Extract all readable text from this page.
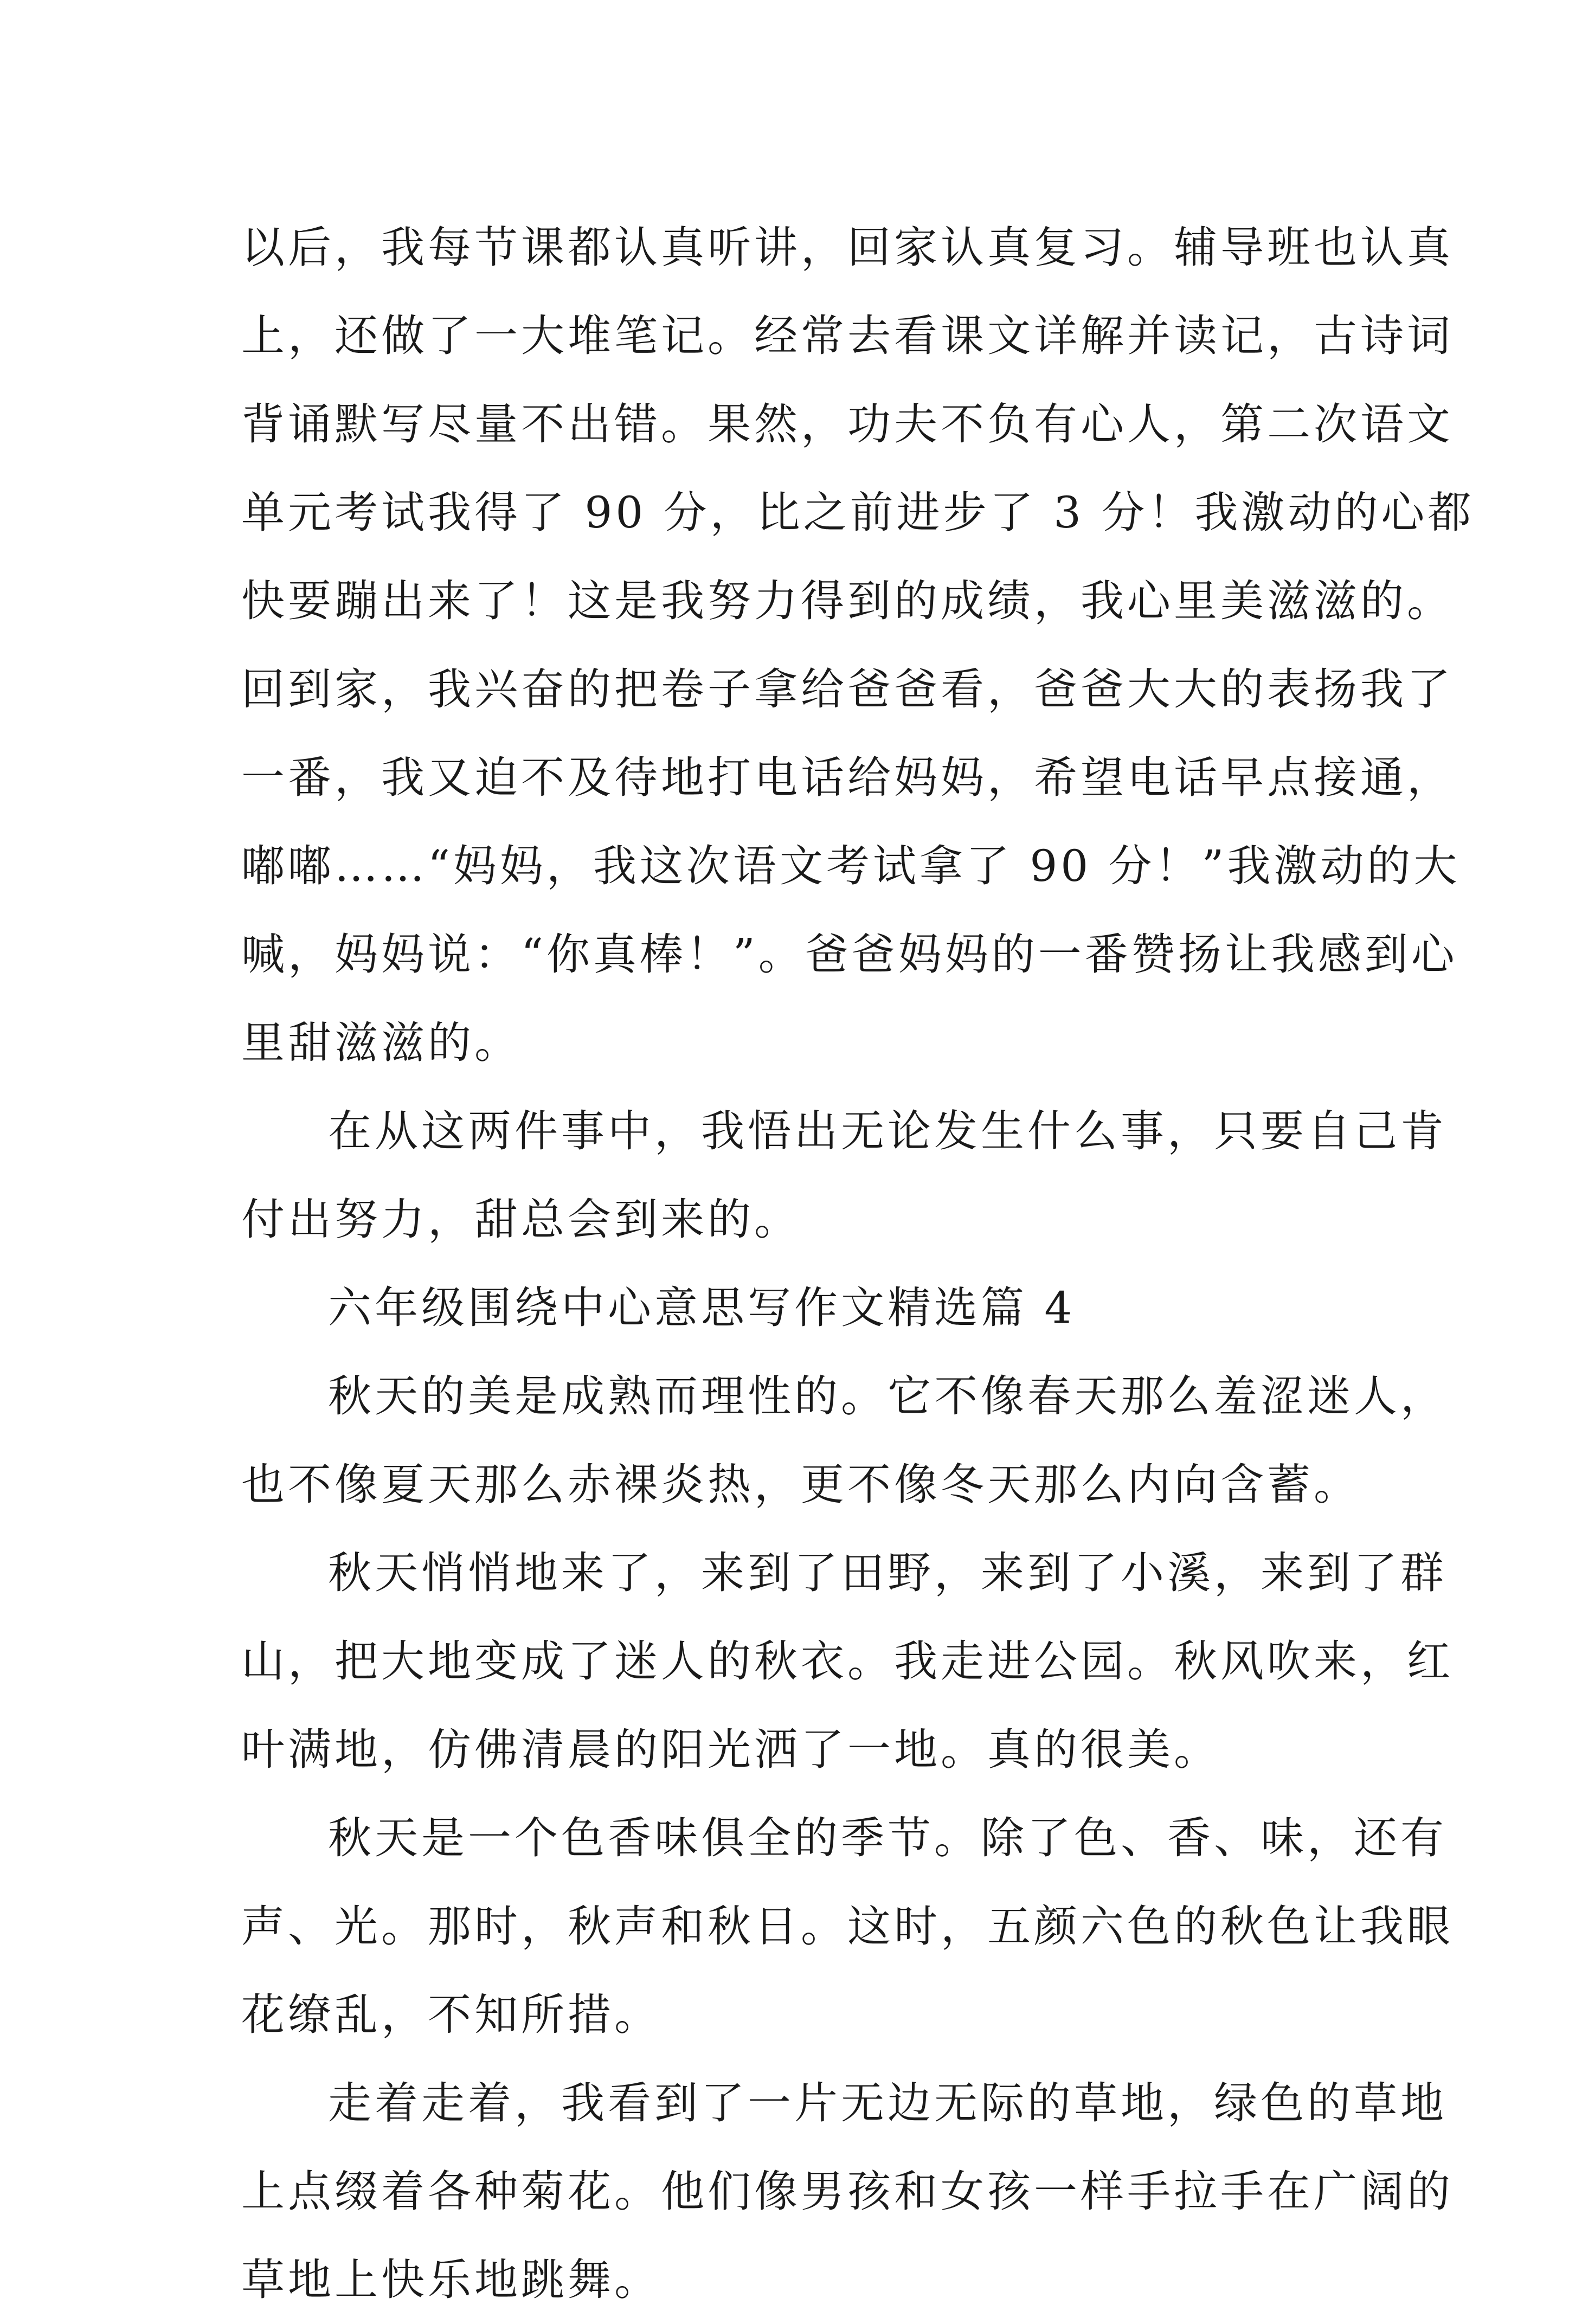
以后，我每节课都认真听讲，回家认真复习。辅导班也认真
上，还做了一大堆笔记。经常去看课文详解并读记，古诗词
背诵默写尽量不出错。果然，功夫不负有心人，第二次语文
单元考试我得了 90 分，比之前进步了 3 分！我激动的心都
快要蹦出来了！这是我努力得到的成绩，我心里美滋滋的。
回到家，我兴奋的把卷子拿给爸爸看，爸爸大大的表扬我了
一番，我又迫不及待地打电话给妈妈，希望电话早点接通，
嘟嘟……“妈妈，我这次语文考试拿了 90 分！”我激动的大
喊，妈妈说：“你真棒！”。爸爸妈妈的一番赞扬让我感到心
里甜滋滋的。
在从这两件事中，我悟出无论发生什么事，只要自己肯
付出努力，甜总会到来的。
六年级围绕中心意思写作文精选篇 4
秋天的美是成熟而理性的。它不像春天那么羞涩迷人，
也不像夏天那么赤裸炎热，更不像冬天那么内向含蓄。
秋天悄悄地来了，来到了田野，来到了小溪，来到了群
山，把大地变成了迷人的秋衣。我走进公园。秋风吹来，红
叶满地，仿佛清晨的阳光洒了一地。真的很美。
秋天是一个色香味俱全的季节。除了色、香、味，还有
声、光。那时，秋声和秋日。这时，五颜六色的秋色让我眼
花缭乱，不知所措。
走着走着，我看到了一片无边无际的草地，绿色的草地
上点缀着各种菊花。他们像男孩和女孩一样手拉手在广阔的
草地上快乐地跳舞。
